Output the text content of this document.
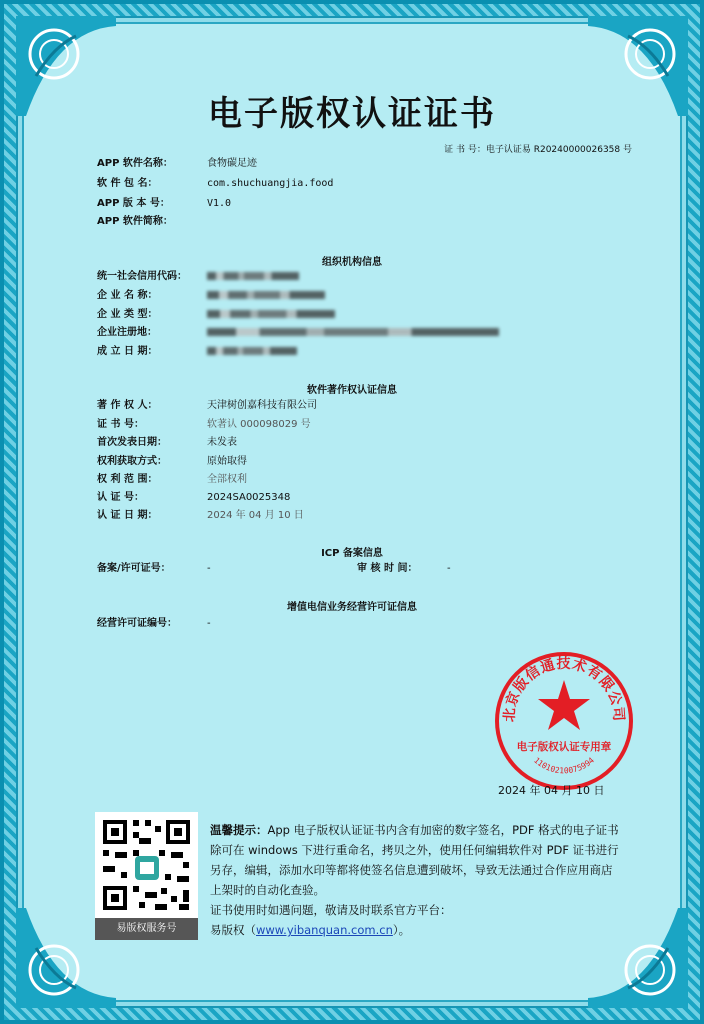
电子版权认证证书
证 书 号：电子认证易 R20240000026358 号
APP 软件名称：	食物碳足迹
软 件 包 名：	com.shuchuangjia.food
APP 版 本 号：	V1.0
APP 软件简称：
组织机构信息
统一社会信用代码：
企 业 名 称：
企 业 类 型：
企业注册地：
成 立 日 期：
软件著作权认证信息
著 作 权 人：	天津树创嘉科技有限公司
证 书 号：	软著认 000098029 号
首次发表日期：	未发表
权利获取方式：	原始取得
权 利 范 围：	全部权利
认 证 号：	2024SA0025348
认 证 日 期：	2024 年 04 月 10 日
ICP 备案信息
备案/许可证号：	-	审 核 时 间：	-
增值电信业务经营许可证信息
经营许可证编号：	-
北京版信通技术有限公司
电子版权认证专用章
11010210075994
2024 年 04 月 10 日
易版权服务号
温馨提示：App 电子版权认证证书内含有加密的数字签名，PDF 格式的电子证书除可在 windows 下进行重命名，拷贝之外，使用任何编辑软件对 PDF 证书进行另存，编辑，添加水印等都将使签名信息遭到破坏，导致无法通过合作应用商店上架时的自动化查验。
证书使用时如遇问题，敬请及时联系官方平台：
易版权（www.yibanquan.com.cn）。
